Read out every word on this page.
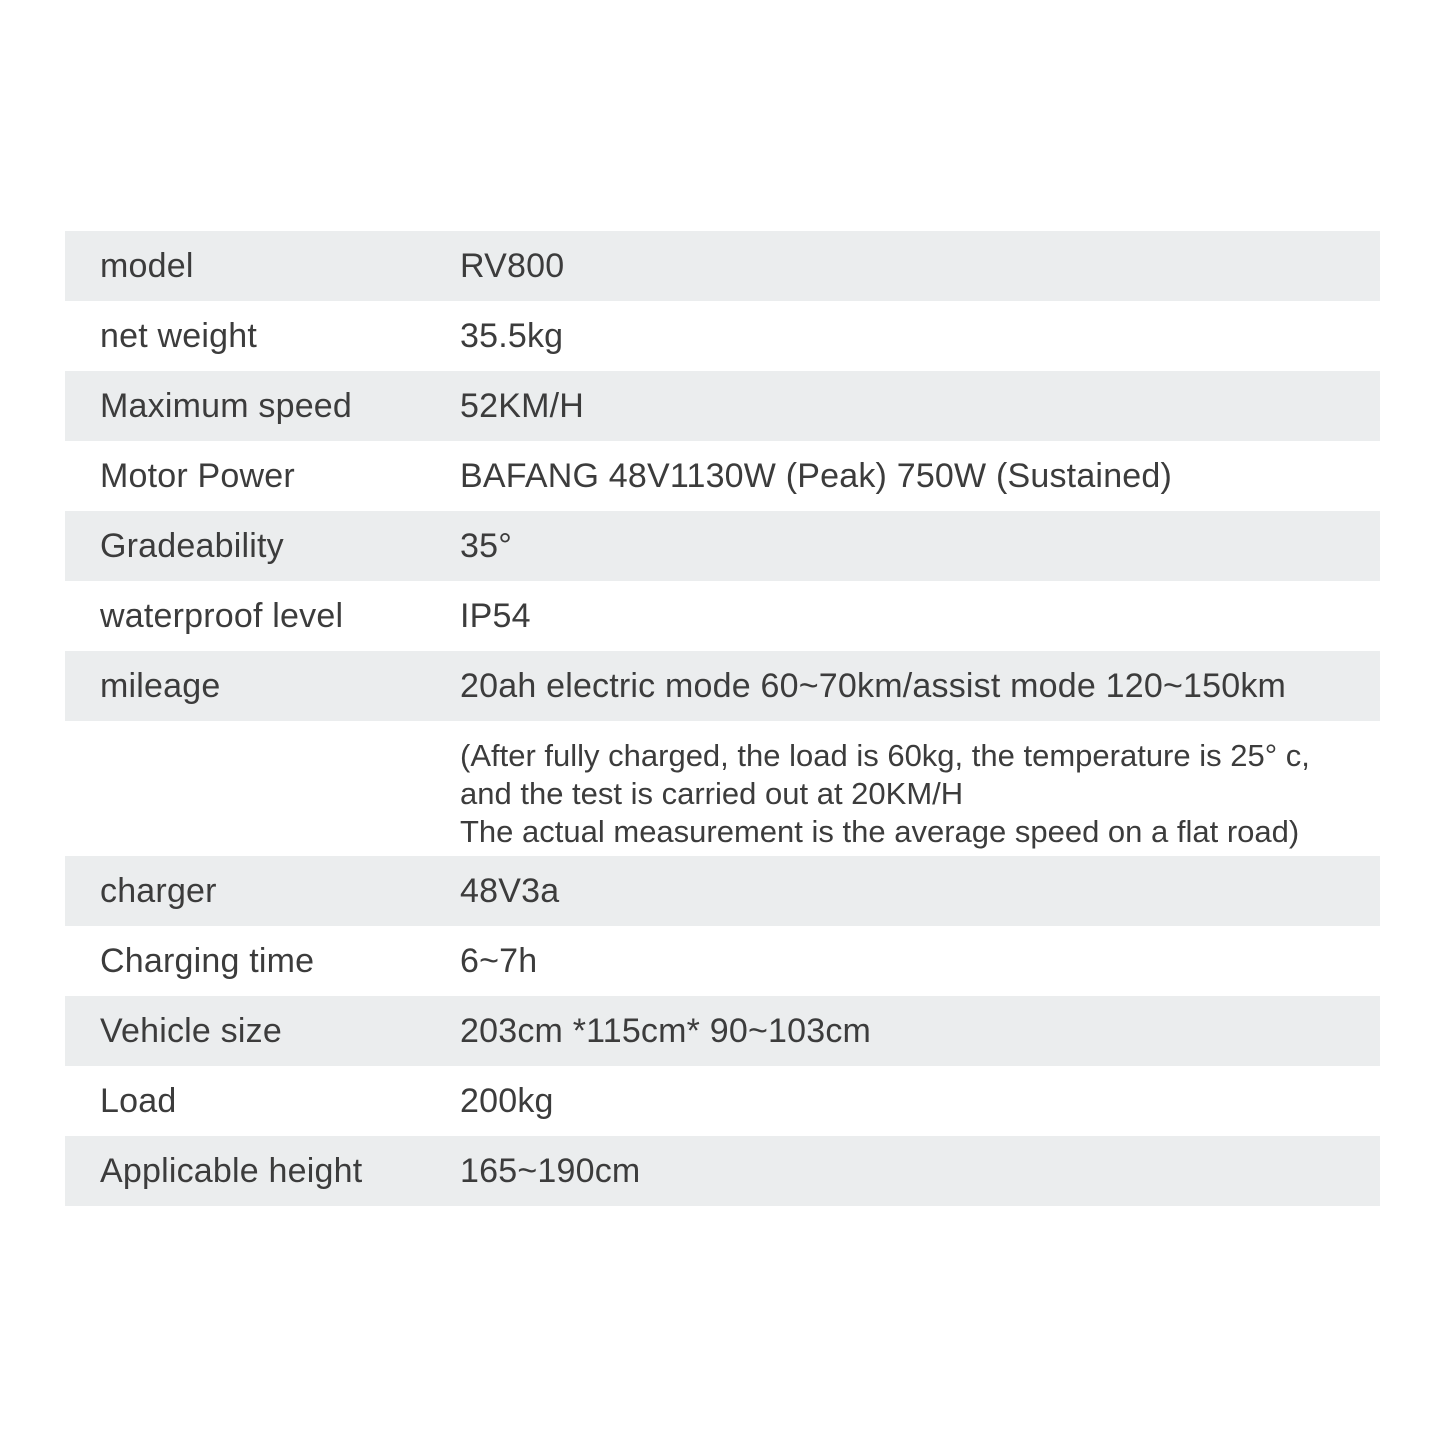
model	RV800
net weight	35.5kg
Maximum speed	52KM/H
Motor Power	BAFANG 48V1130W (Peak) 750W (Sustained)
Gradeability	35°
waterproof level	IP54
mileage	20ah electric mode 60~70km/assist mode 120~150km
(After fully charged, the load is 60kg, the temperature is 25° c,
and the test is carried out at 20KM/H
The actual measurement is the average speed on a flat road)
charger	48V3a
Charging time	6~7h
Vehicle size	203cm *115cm* 90~103cm
Load	200kg
Applicable height	165~190cm
